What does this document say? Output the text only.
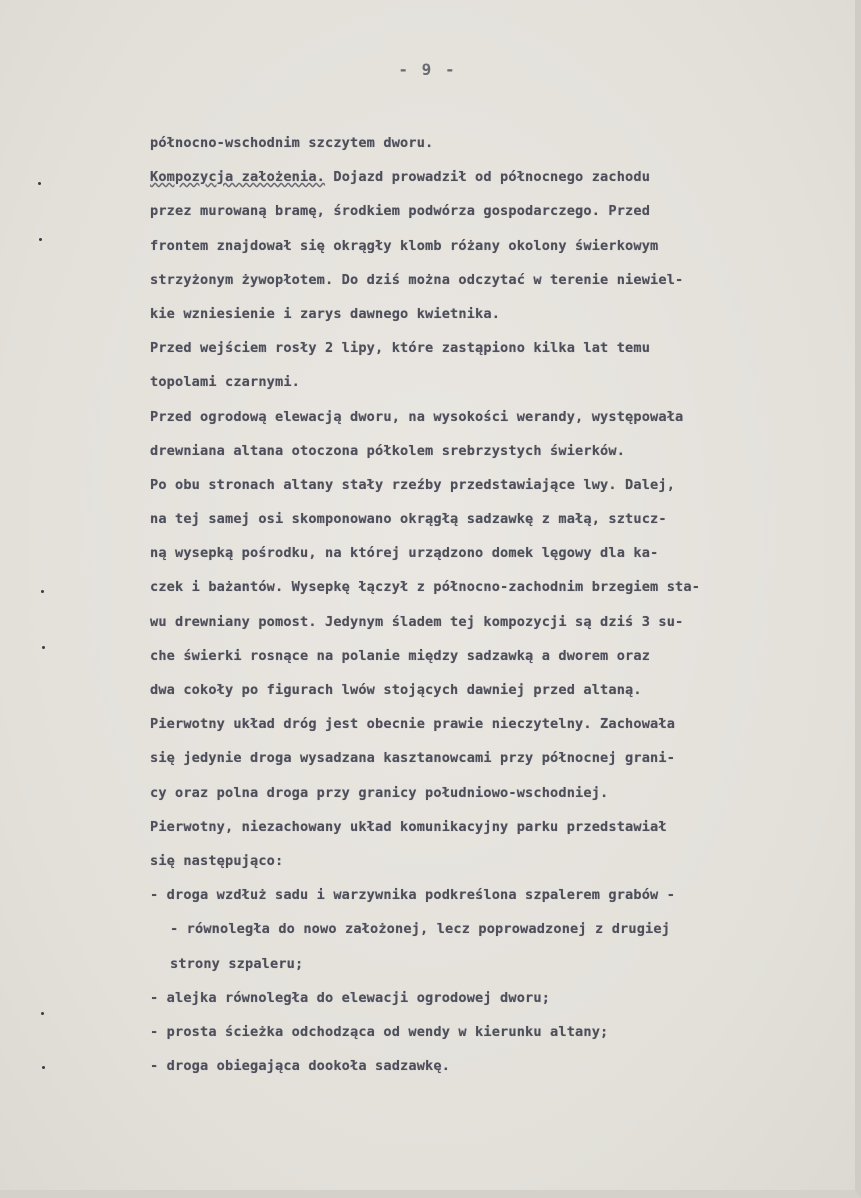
- 9 -
północno-wschodnim szczytem dworu.
Kompozycja założenia. Dojazd prowadził od północnego zachodu
przez murowaną bramę, środkiem podwórza gospodarczego. Przed
frontem znajdował się okrągły klomb różany okolony świerkowym
strzyżonym żywopłotem. Do dziś można odczytać w terenie niewiel-
kie wzniesienie i zarys dawnego kwietnika.
Przed wejściem rosły 2 lipy, które zastąpiono kilka lat temu
topolami czarnymi.
Przed ogrodową elewacją dworu, na wysokości werandy, występowała
drewniana altana otoczona półkolem srebrzystych świerków.
Po obu stronach altany stały rzeźby przedstawiające lwy. Dalej,
na tej samej osi skomponowano okrągłą sadzawkę z małą, sztucz-
ną wysepką pośrodku, na której urządzono domek lęgowy dla ka-
czek i bażantów. Wysepkę łączył z północno-zachodnim brzegiem sta-
wu drewniany pomost. Jedynym śladem tej kompozycji są dziś 3 su-
che świerki rosnące na polanie między sadzawką a dworem oraz
dwa cokoły po figurach lwów stojących dawniej przed altaną.
Pierwotny układ dróg jest obecnie prawie nieczytelny. Zachowała
się jedynie droga wysadzana kasztanowcami przy północnej grani-
cy oraz polna droga przy granicy południowo-wschodniej.
Pierwotny, niezachowany układ komunikacyjny parku przedstawiał
się następująco:
- droga wzdłuż sadu i warzywnika podkreślona szpalerem grabów -
- równoległa do nowo założonej, lecz poprowadzonej z drugiej
strony szpaleru;
- alejka równoległa do elewacji ogrodowej dworu;
- prosta ścieżka odchodząca od wendy w kierunku altany;
- droga obiegająca dookoła sadzawkę.
